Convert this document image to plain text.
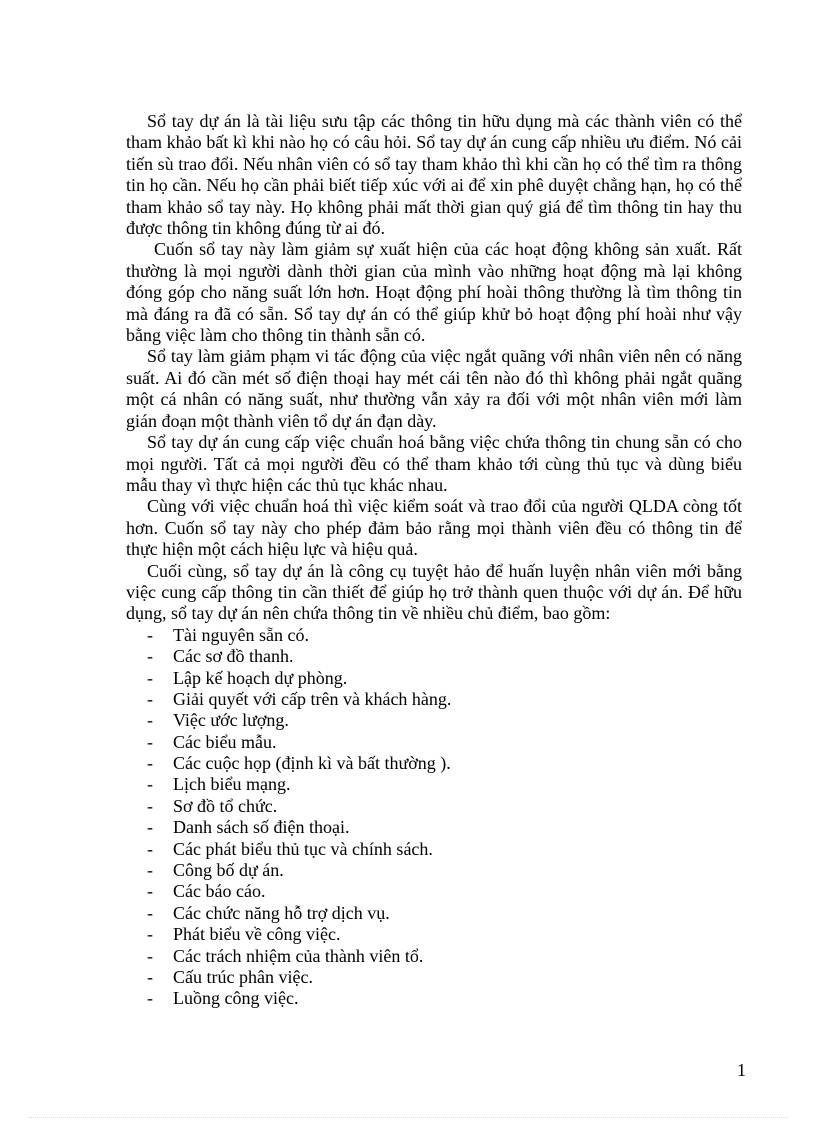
Sổ tay dự án là tài liệu sưu tập các thông tin hữu dụng mà các thành viên có thể tham khảo bất kì khi nào họ có câu hỏi. Sổ tay dự án cung cấp nhiều ưu điểm. Nó cải tiến sù trao đổi. Nếu nhân viên có sổ tay tham khảo thì khi cần họ có thể tìm ra thông tin họ cần. Nếu họ cần phải biết tiếp xúc với ai để xin phê duyệt chẳng hạn, họ có thể tham khảo sổ tay này. Họ không phải mất thời gian quý giá để tìm thông tin hay thu được thông tin không đúng từ ai đó.

Cuốn sổ tay này làm giảm sự xuất hiện của các hoạt động không sản xuất. Rất thường là mọi người dành thời gian của mình vào những hoạt động mà lại không đóng góp cho năng suất lớn hơn. Hoạt động phí hoài thông thường là tìm thông tin mà đáng ra đã có sẵn. Sổ tay dự án có thể giúp khử bỏ hoạt động phí hoài như vậy bằng việc làm cho thông tin thành sẵn có.

Sổ tay làm giảm phạm vi tác động của việc ngắt quãng với nhân viên nên có năng suất. Ai đó cần mét số điện thoại hay mét cái tên nào đó thì không phải ngắt quãng một cá nhân có năng suất, như thường vẫn xảy ra đối với một nhân viên mới làm gián đoạn một thành viên tổ dự án đạn dày.

Sổ tay dự án cung cấp việc chuẩn hoá bằng việc chứa thông tin chung sẵn có cho mọi người. Tất cả mọi người đều có thể tham khảo tới cùng thủ tục và dùng biểu mẫu thay vì thực hiện các thủ tục khác nhau.

Cùng với việc chuẩn hoá thì việc kiểm soát và trao đổi của người QLDA còng tốt hơn. Cuốn sổ tay này cho phép đảm bảo rằng mọi thành viên đều có thông tin để thực hiện một cách hiệu lực và hiệu quả.

Cuối cùng, sổ tay dự án là công cụ tuyệt hảo để huấn luyện nhân viên mới bằng việc cung cấp thông tin cần thiết để giúp họ trở thành quen thuộc với dự án. Để hữu dụng, sổ tay dự án nên chứa thông tin về nhiều chủ điểm, bao gồm:

- Tài nguyên sẵn có.
- Các sơ đồ thanh.
- Lập kế hoạch dự phòng.
- Giải quyết với cấp trên và khách hàng.
- Việc ước lượng.
- Các biểu mẫu.
- Các cuộc họp (định kì và bất thường ).
- Lịch biểu mạng.
- Sơ đồ tổ chức.
- Danh sách số điện thoại.
- Các phát biểu thủ tục và chính sách.
- Công bố dự án.
- Các báo cáo.
- Các chức năng hỗ trợ dịch vụ.
- Phát biểu về công việc.
- Các trách nhiệm của thành viên tổ.
- Cấu trúc phân việc.
- Luồng công việc.
1
